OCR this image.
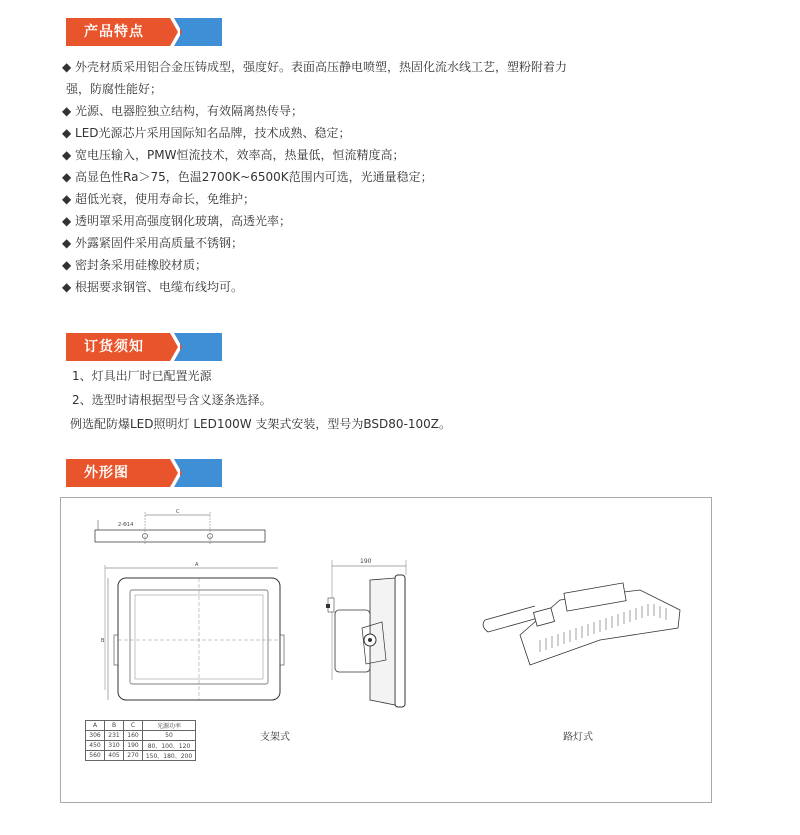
产品特点
◆ 外壳材质采用铝合金压铸成型，强度好。表面高压静电喷塑，热固化流水线工艺，塑粉附着力
强，防腐性能好；
◆ 光源、电器腔独立结构，有效隔离热传导；
◆ LED光源芯片采用国际知名品牌，技术成熟、稳定；
◆ 宽电压输入，PMW恒流技术，效率高，热量低，恒流精度高；
◆ 高显色性Ra＞75，色温2700K~6500K范围内可选，光通量稳定；
◆ 超低光衰，使用寿命长，免维护；
◆ 透明罩采用高强度钢化玻璃，高透光率；
◆ 外露紧固件采用高质量不锈钢；
◆ 密封条采用硅橡胶材质；
◆ 根据要求钢管、电缆布线均可。
订货须知
1、灯具出厂时已配置光源
2、选型时请根据型号含义逐条选择。
例选配防爆LED照明灯 LED100W 支架式安装，型号为BSD80-100Z。
外形图
C
2-Φ14
A
B
190
支架式	路灯式
A	B	C	光源功率
306	231	160	50
450	310	190	80、100、120
560	405	270	150、180、200
